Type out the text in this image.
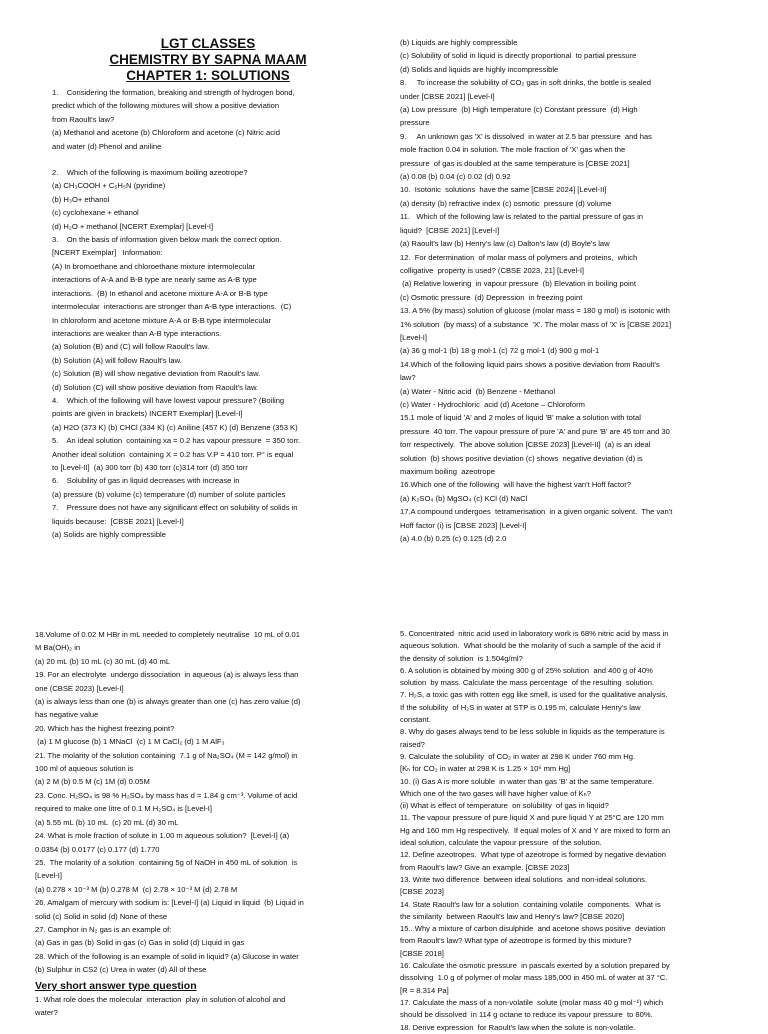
LGT CLASSES

CHEMISTRY BY SAPNA MAAM

CHAPTER 1: SOLUTIONS

1.    Considering the formation, breaking and strength of hydrogen bond,

predict which of the following mixtures will show a positive deviation

from Raoult's law?

(a) Methanol and acetone (b) Chloroform and acetone (c) Nitric acid

and water (d) Phenol and aniline

2.    Which of the following is maximum boiling azeotrope?

(a) CH₃COOH + C₅H₅N (pyridine)

(b) H₃O+ ethanol

(c) cyclohexane + ethanol

(d) H₂O + methanol [NCERT Exemplar] [Level-I]

3.    On the basis of information given below mark the correct option.

[NCERT Exemplar]   Information:

(A) In bromoethane and chloroethane mixture intermolecular

interactions of A-A and B-B type are nearly same as A-B type

interactions.  (B) In ethanol and acetone mixture A-A or B-B type

intermolecular  interactions are stronger than A-B type interactions.  (C)

In chloroform and acetone mixture A-A or B-B type intermolecular

interactions are weaker than A-B type interactions.

(a) Solution (B) and (C) will follow Raoult's law.

(b) Solution (A) will follow Raoult's law.

(c) Solution (B) will show negative deviation from Raoult's law.

(d) Solution (C) will show positive deviation from Raoult's law.

4.    Which of the following will have lowest vapour pressure? (Boiling

points are given in brackets) INCERT Exemplar] [Level-I]

(a) H2O (373 K) (b) CHCl (334 K) (c) Aniline (457 K) (d) Benzene (353 K)

5.    An ideal solution  containing xa = 0.2 has vapour pressure  = 350 torr.

Another ideal solution  containing X = 0.2 has V.P = 410 torr. P° is equal

to [Level-II]  (a) 300 torr (b) 430 torr (c)314 torr (d) 350 torr

6.    Solubility of gas in liquid decreases with increase in

(a) pressure (b) volume (c) temperature (d) number of solute particles

7.    Pressure does not have any significant effect on solubility of solids in

liquids because:  [CBSE 2021] [Level-I]

(a) Solids are highly compressible

(b) Liquids are highly compressible

(c) Solubility of solid in liquid is directly proportional  to partial pressure

(d) Solids and liquids are highly incompressible

8.     To increase the solubility of CO₂ gas in soft drinks, the bottle is sealed

under [CBSE 2021] [Level-I]

(a) Low pressure  (b) High temperature (c) Constant pressure  (d) High

pressure

9.     An unknown gas 'X' is dissolved  in water at 2.5 bar pressure  and has

mole fraction 0.04 in solution. The mole fraction of 'X' gas when the

pressure  of gas is doubled at the same temperature is [CBSE 2021]

(a) 0.08 (b) 0.04 (c) 0.02 (d) 0.92

10.  Isotonic  solutions  have the same [CBSE 2024] [Level-II]

(a) density (b) refractive index (c) osmotic  pressure (d) volume

11.   Which of the following law is related to the partial pressure of gas in

liquid?  [CBSE 2021] [Level-I]

(a) Raoult's law (b) Henry's law (c) Dalton's law (d) Boyle's law

12.  For determination  of molar mass of polymers and proteins,  which

colligative  property is used? (CBSE 2023, 21] [Level-I]

(a) Relative lowering  in vapour pressure  (b) Elevation in boiling point

(c) Osmotic pressure  (d) Depression  in freezing point

13. A 5% (by mass) solution of glucose (molar mass = 180 g mol) is isotonic with

1% solution  (by mass) of a substance  'X'. The molar mass of 'X' is [CBSE 2021]

[Level-I]

(a) 36 g mol-1 (b) 18 g mol-1 (c) 72 g mol-1 (d) 900 g mol-1

14.Which of the following liquid pairs shows a positive deviation from Raoult's

law?

(a) Water - Nitric acid  (b) Benzene - Methanol

(c) Water - Hydrochloric  acid (d) Acetone – Chloroform

15.1 mole of liquid 'A' and 2 moles of liquid 'B' make a solution with total

pressure  40 torr. The vapour pressure of pure 'A' and pure 'B' are 45 torr and 30

torr respectively.  The above solution [CBSE 2023] [Level-II]  (a) is an ideal

solution  (b) shows positive deviation (c) shows  negative deviation (d) is

maximum boiling  azeotrope

16.Which one of the following  will have the highest van't Hoff factor?

(a) K₂SO₄ (b) MgSO₄ (c) KCl (d) NaCl

17.A compound undergoes  tetramerisation  in a given organic solvent.  The van't

Hoff factor (i) is [CBSE 2023] [Level-I]

(a) 4.0 (b) 0.25 (c) 0.125 (d) 2.0

18.Volume of 0.02 M HBr in mL needed to completely neutralise  10 mL of 0.01

M Ba(OH)₂ in

(a) 20 mL (b) 10 mL (c) 30 mL (d) 40 mL

19. For an electrolyte  undergo dissociation  in aqueous (a) is always less than

one (CBSE 2023) [Level-I]

(a) is always less than one (b) is always greater than one (c) has zero value (d)

has negative value

20. Which has the highest freezing point?

(a) 1 M glucose (b) 1 MNaCl  (c) 1 M CaCl₂ (d) 1 M AlF₃

21. The molarity of the solution containing  7.1 g of Na₂SO₄ (M = 142 g/mol) in

100 ml of aqueous solution is

(a) 2 M (b) 0.5 M (c) 1M (d) 0.05M

23. Conc. H₂SO₄ is 98 % H₂SO₄ by mass has d = 1.84 g cm⁻³. Volume of acid

required to make one litre of 0.1 M H₂SO₄ is [Level-I]

(a) 5.55 mL (b) 10 mL  (c) 20 mL (d) 30 mL

24. What is mole fraction of solute in 1.00 m aqueous solution?  [Level-I] (a)

0.0354 (b) 0.0177 (c) 0.177 (d) 1.770

25.  The molarity of a solution  containing 5g of NaOH in 450 mL of solution  is

[Level-I]

(a) 0.278 × 10⁻³ M (b) 0.278 M  (c) 2.78 × 10⁻³ M (d) 2.78 M

26. Amalgam of mercury with sodium is: [Level-I] (a) Liquid in liquid  (b) Liquid in

solid (c) Solid in solid (d) None of these

27. Camphor in N₂ gas is an example of:

(a) Gas in gas (b) Solid in gas (c) Gas in solid (d) Liquid in gas

28. Which of the following is an example of solid in liquid? (a) Glucose in water

(b) Sulphur in CS2 (c) Urea in water (d) All of these

Very short answer type question

1. What role does the molecular  interaction  play in solution of alcohol and

water?

5. Concentrated  nitric acid used in laboratory work is 68% nitric acid by mass in

aqueous solution.  What should be the molarity of such a sample of the acid if

the density of solution  is 1.504g/ml?

6. A solution is obtained by mixing 300 g of 25% solution  and 400 g of 40%

solution  by mass. Calculate the mass percentage  of the resulting  solution.

7. H₂S, a toxic gas with rotten egg like smell, is used for the qualitative analysis.

If the solubility  of H₂S in water at STP is 0.195 m, calculate Henry's law

constant.

8. Why do gases always tend to be less soluble in liquids as the temperature is

raised?

9. Calculate the solubility  of CO₂ in water at 298 K under 760 mm Hg.

[Kₕ for CO₂ in water at 298 K is 1.25 × 10⁶ mm Hg]

10. (i) Gas A is more soluble  in water than gas 'B' at the same temperature.

Which one of the two gases will have higher value of Kₕ?

(ii) What is effect of temperature  on solubility  of gas in liquid?

11. The vapour pressure of pure liquid X and pure liquid Y at 25°C are 120 mm

Hg and 160 mm Hg respectively.  If equal moles of X and Y are mixed to form an

ideal solution, calculate the vapour pressure  of the solution.

12. Define azeotropes.  What type of azeotrope is formed by negative deviation

from Raoult's law? Give an example. [CBSE 2023]

13. Write two difference  between ideal solutions  and non-ideal solutions.

[CBSE 2023]

14. State Raoult's law for a solution  containing volatile  components.  What is

the similarity  between Raoult's law and Henry's law? [CBSE 2020]

15.. Why a mixture of carbon disulphide  and acetone shows positive  deviation

from Raoult's law? What type of azeotrope is formed by this mixture?

[CBSE 2018]

16. Calculate the osmotic pressure  in pascals exerted by a solution prepared by

dissolving  1.0 g of polymer of molar mass 185,000 in 450 mL of water at 37 °C.

[R = 8.314 Pa]

17. Calculate the mass of a non-volatile  solute (molar mass 40 g mol⁻¹) which

should be dissolved  in 114 g octane to reduce its vapour pressure  to 80%.

18. Derive expression  for Raoult's law when the solute is non-volatile.
